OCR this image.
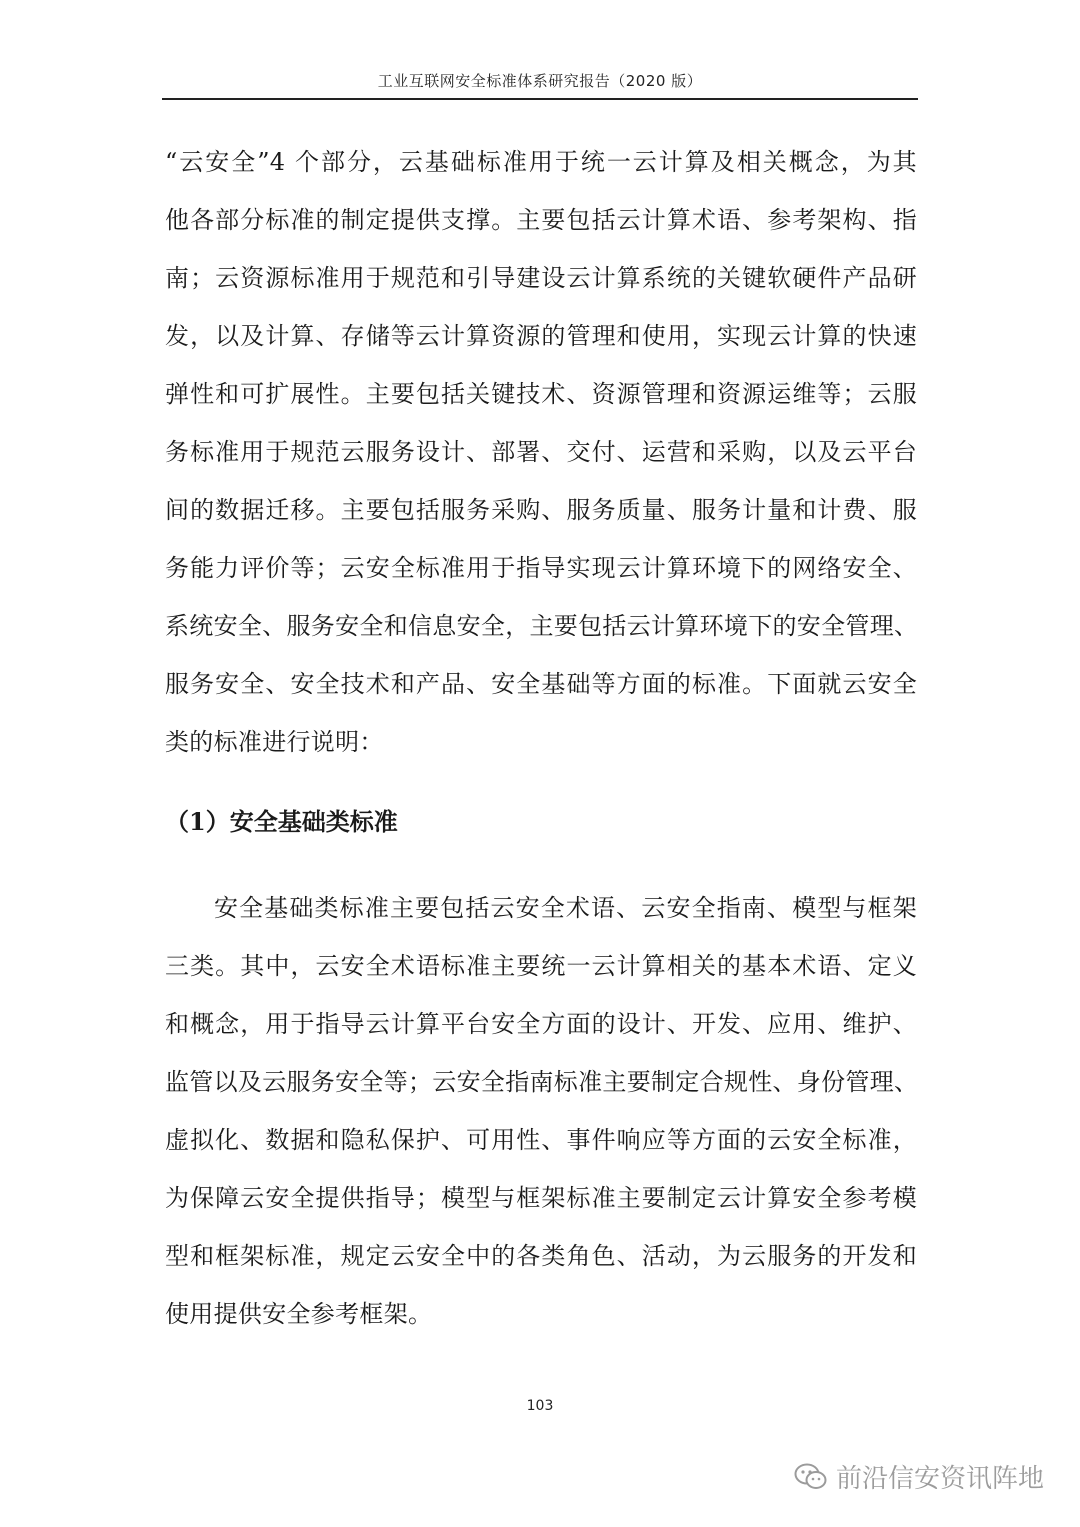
工业互联网安全标准体系研究报告（2020 版）
“云安全”4 个部分，云基础标准用于统一云计算及相关概念，为其
他各部分标准的制定提供支撑。主要包括云计算术语、参考架构、指
南；云资源标准用于规范和引导建设云计算系统的关键软硬件产品研
发，以及计算、存储等云计算资源的管理和使用，实现云计算的快速
弹性和可扩展性。主要包括关键技术、资源管理和资源运维等；云服
务标准用于规范云服务设计、部署、交付、运营和采购，以及云平台
间的数据迁移。主要包括服务采购、服务质量、服务计量和计费、服
务能力评价等；云安全标准用于指导实现云计算环境下的网络安全、
系统安全、服务安全和信息安全，主要包括云计算环境下的安全管理、
服务安全、安全技术和产品、安全基础等方面的标准。下面就云安全
类的标准进行说明：
（1）安全基础类标准
安全基础类标准主要包括云安全术语、云安全指南、模型与框架
三类。其中，云安全术语标准主要统一云计算相关的基本术语、定义
和概念，用于指导云计算平台安全方面的设计、开发、应用、维护、
监管以及云服务安全等；云安全指南标准主要制定合规性、身份管理、
虚拟化、数据和隐私保护、可用性、事件响应等方面的云安全标准，
为保障云安全提供指导；模型与框架标准主要制定云计算安全参考模
型和框架标准，规定云安全中的各类角色、活动，为云服务的开发和
使用提供安全参考框架。
103
前沿信安资讯阵地
